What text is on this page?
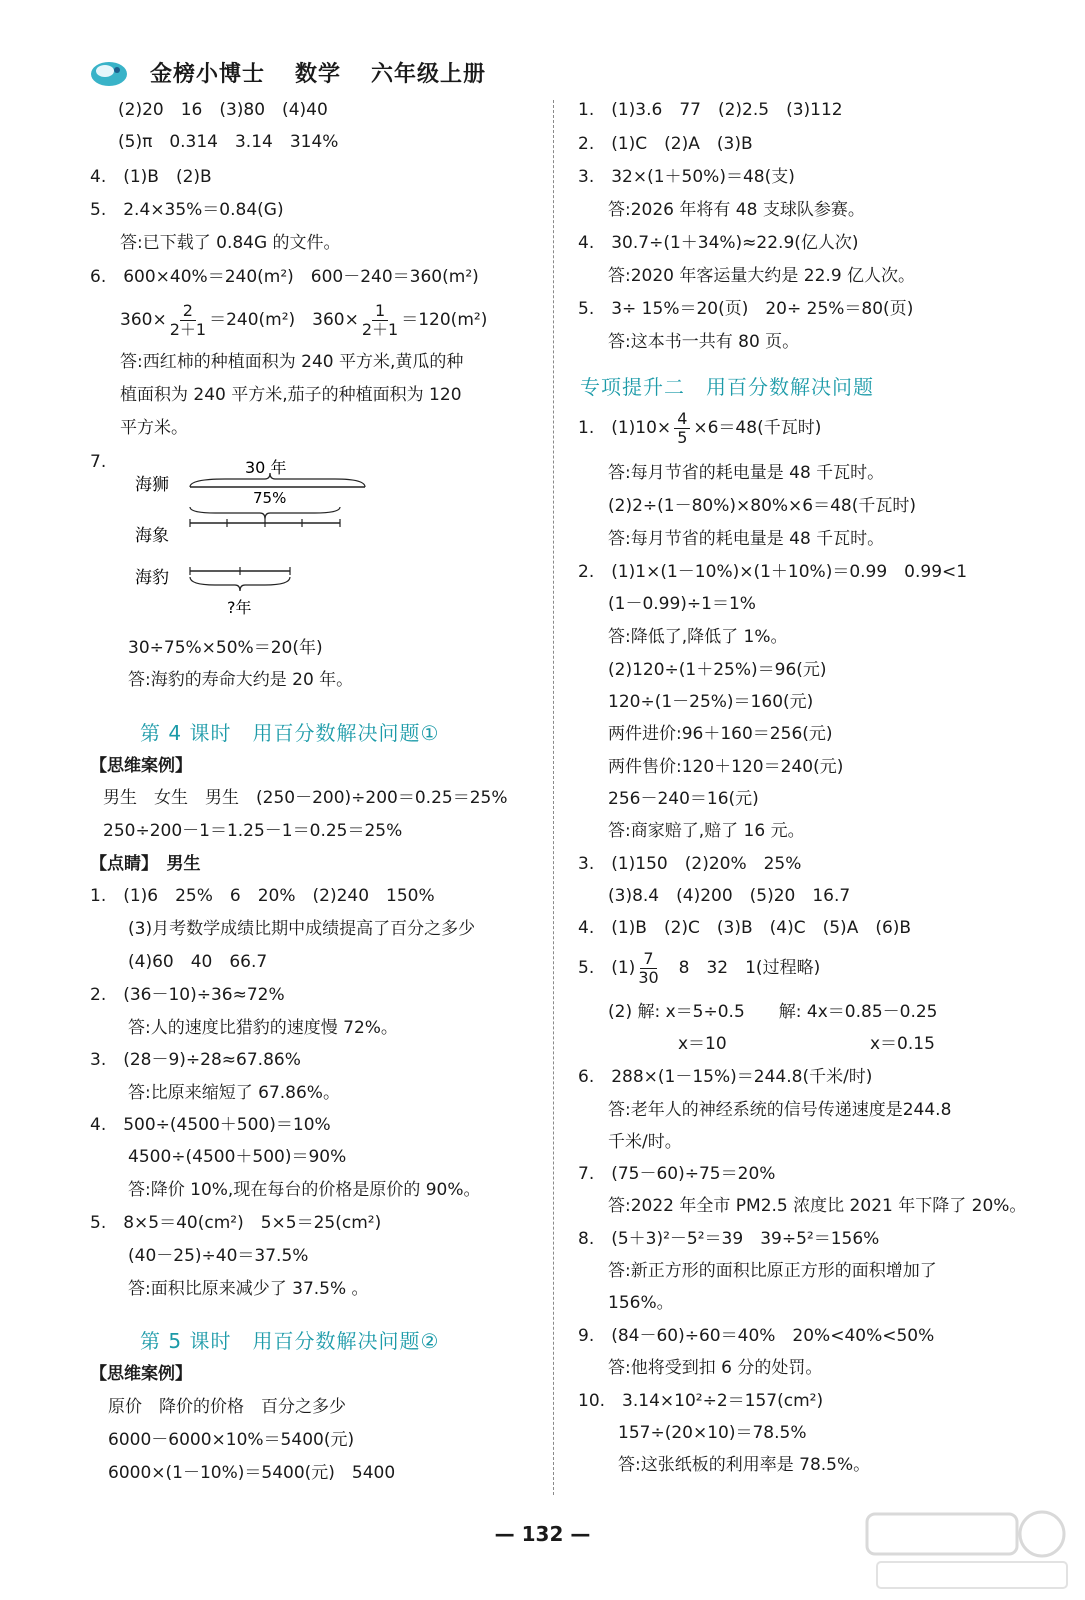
金榜小博士 数学 六年级上册
(2)20　16　(3)80　(4)40
(5)π　0.314　3.14　314%
4.　(1)B　(2)B
5.　2.4×35%＝0.84(G)
答:已下载了 0.84G 的文件。
6.　600×40%＝240(m²)　600－240＝360(m²)
$360\times \frac{2}{2+1} =240(m^2)$　$360\times \frac{1}{2+1} =120(m^2)$
答:西红柿的种植面积为 240 平方米,黄瓜的种
植面积为 240 平方米,茄子的种植面积为 120
平方米。
7.
海狮
海象
海豹
30 年
75%
?年
30÷75%×50%＝20(年)
答:海豹的寿命大约是 20 年。
第 4 课时　用百分数解决问题①
【思维案例】
男生　女生　男生　(250－200)÷200＝0.25＝25%
250÷200－1＝1.25－1＝0.25＝25%
【点睛】　男生
1.　(1)6　25%　6　20%　(2)240　150%
(3)月考数学成绩比期中成绩提高了百分之多少
(4)60　40　66.7
2.　(36－10)÷36≈72%
答:人的速度比猎豹的速度慢 72%。
3.　(28－9)÷28≈67.86%
答:比原来缩短了 67.86%。
4.　500÷(4500＋500)＝10%
4500÷(4500＋500)＝90%
答:降价 10%,现在每台的价格是原价的 90%。
5.　8×5＝40(cm²)　5×5＝25(cm²)
(40－25)÷40＝37.5%
答:面积比原来减少了 37.5% 。
第 5 课时　用百分数解决问题②
【思维案例】
原价　降价的价格　百分之多少
6000－6000×10%＝5400(元)
6000×(1－10%)＝5400(元)　5400
1.　(1)3.6　77　(2)2.5　(3)112
2.　(1)C　(2)A　(3)B
3.　32×(1＋50%)＝48(支)
答:2026 年将有 48 支球队参赛。
4.　30.7÷(1＋34%)≈22.9(亿人次)
答:2020 年客运量大约是 22.9 亿人次。
5.　3÷ 15%＝20(页)　20÷ 25%＝80(页)
答:这本书一共有 80 页。
专项提升二　用百分数解决问题
1.　$(1)10\times \frac{4}{5} \times 6=48$(千瓦时)
答:每月节省的耗电量是 48 千瓦时。
(2)2÷(1－80%)×80%×6＝48(千瓦时)
答:每月节省的耗电量是 48 千瓦时。
2.　(1)1×(1－10%)×(1＋10%)＝0.99　0.99<1
(1－0.99)÷1＝1%
答:降低了,降低了 1%。
(2)120÷(1＋25%)＝96(元)
120÷(1－25%)＝160(元)
两件进价:96＋160＝256(元)
两件售价:120＋120＝240(元)
256－240＝16(元)
答:商家赔了,赔了 16 元。
3.　(1)150　(2)20%　25%
(3)8.4　(4)200　(5)20　16.7
4.　(1)B　(2)C　(3)B　(4)C　(5)A　(6)B
5.　$(1) \frac{7}{30}$ 　8　32　1(过程略)
(2) 解: x＝5÷0.5　　解: 4x＝0.85－0.25
x＝10	x＝0.15
6.　288×(1－15%)＝244.8(千米/时)
答:老年人的神经系统的信号传递速度是244.8
千米/时。
7.　(75－60)÷75＝20%
答:2022 年全市 PM2.5 浓度比 2021 年下降了 20%。
8.　(5＋3)²－5²＝39　39÷5²＝156%
答:新正方形的面积比原正方形的面积增加了
156%。
9.　(84－60)÷60＝40%　20%<40%<50%
答:他将受到扣 6 分的处罚。
10.　3.14×10²÷2＝157(cm²)
157÷(20×10)＝78.5%
答:这张纸板的利用率是 78.5%。
— 132 —
